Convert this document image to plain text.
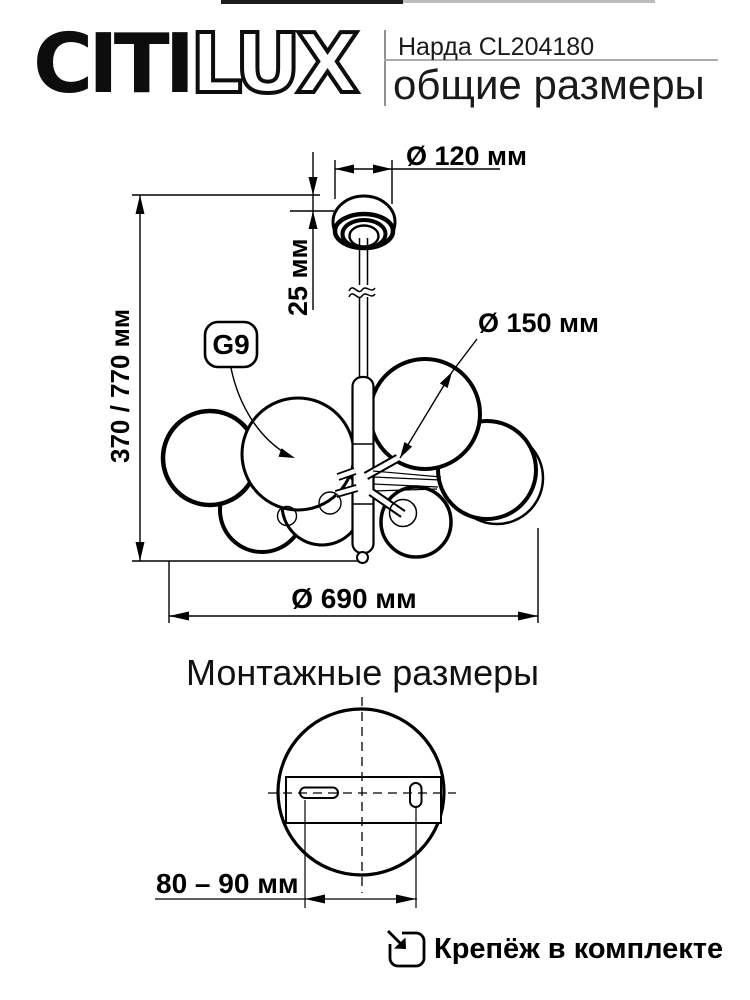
CITILUX Нарда CL204180
общие размеры
Ø 120 мм
25 мм
370 / 770 мм	Ø 150 мм
Ø 690 мм
G9
Монтажные размеры
80 – 90 мм
Крепёж в комплекте
